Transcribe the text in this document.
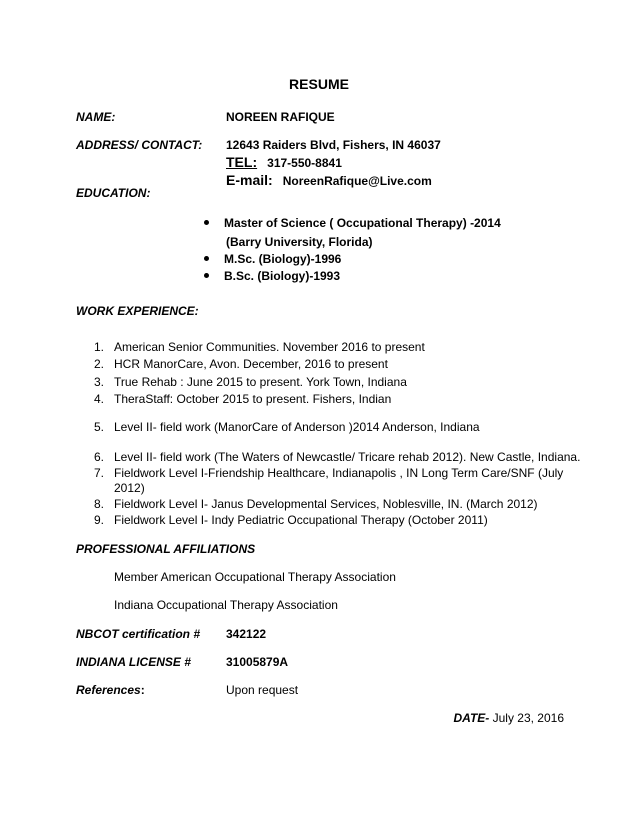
RESUME
NAME:	NOREEN RAFIQUE
ADDRESS/ CONTACT: 12643 Raiders Blvd, Fishers, IN 46037
TEL: 317-550-8841
E-mail: NoreenRafique@Live.com
EDUCATION:
Master of Science ( Occupational Therapy) -2014
(Barry University, Florida)
M.Sc. (Biology)-1996
B.Sc. (Biology)-1993
WORK EXPERIENCE:
1. American Senior Communities. November 2016 to present
2. HCR ManorCare, Avon. December, 2016 to present
3. True Rehab : June 2015 to present. York Town, Indiana
4. TheraStaff: October 2015 to present. Fishers, Indian
5. Level II- field work (ManorCare of Anderson )2014 Anderson, Indiana
6. Level II- field work (The Waters of Newcastle/ Tricare rehab 2012). New Castle, Indiana.
7. Fieldwork Level I-Friendship Healthcare, Indianapolis , IN Long Term Care/SNF (July
2012)
8. Fieldwork Level I- Janus Developmental Services, Noblesville, IN. (March 2012)
9. Fieldwork Level I- Indy Pediatric Occupational Therapy (October 2011)
PROFESSIONAL AFFILIATIONS
Member American Occupational Therapy Association
Indiana Occupational Therapy Association
NBCOT certification # 342122
INDIANA LICENSE #	31005879A
References:	Upon request
DATE- July 23, 2016
